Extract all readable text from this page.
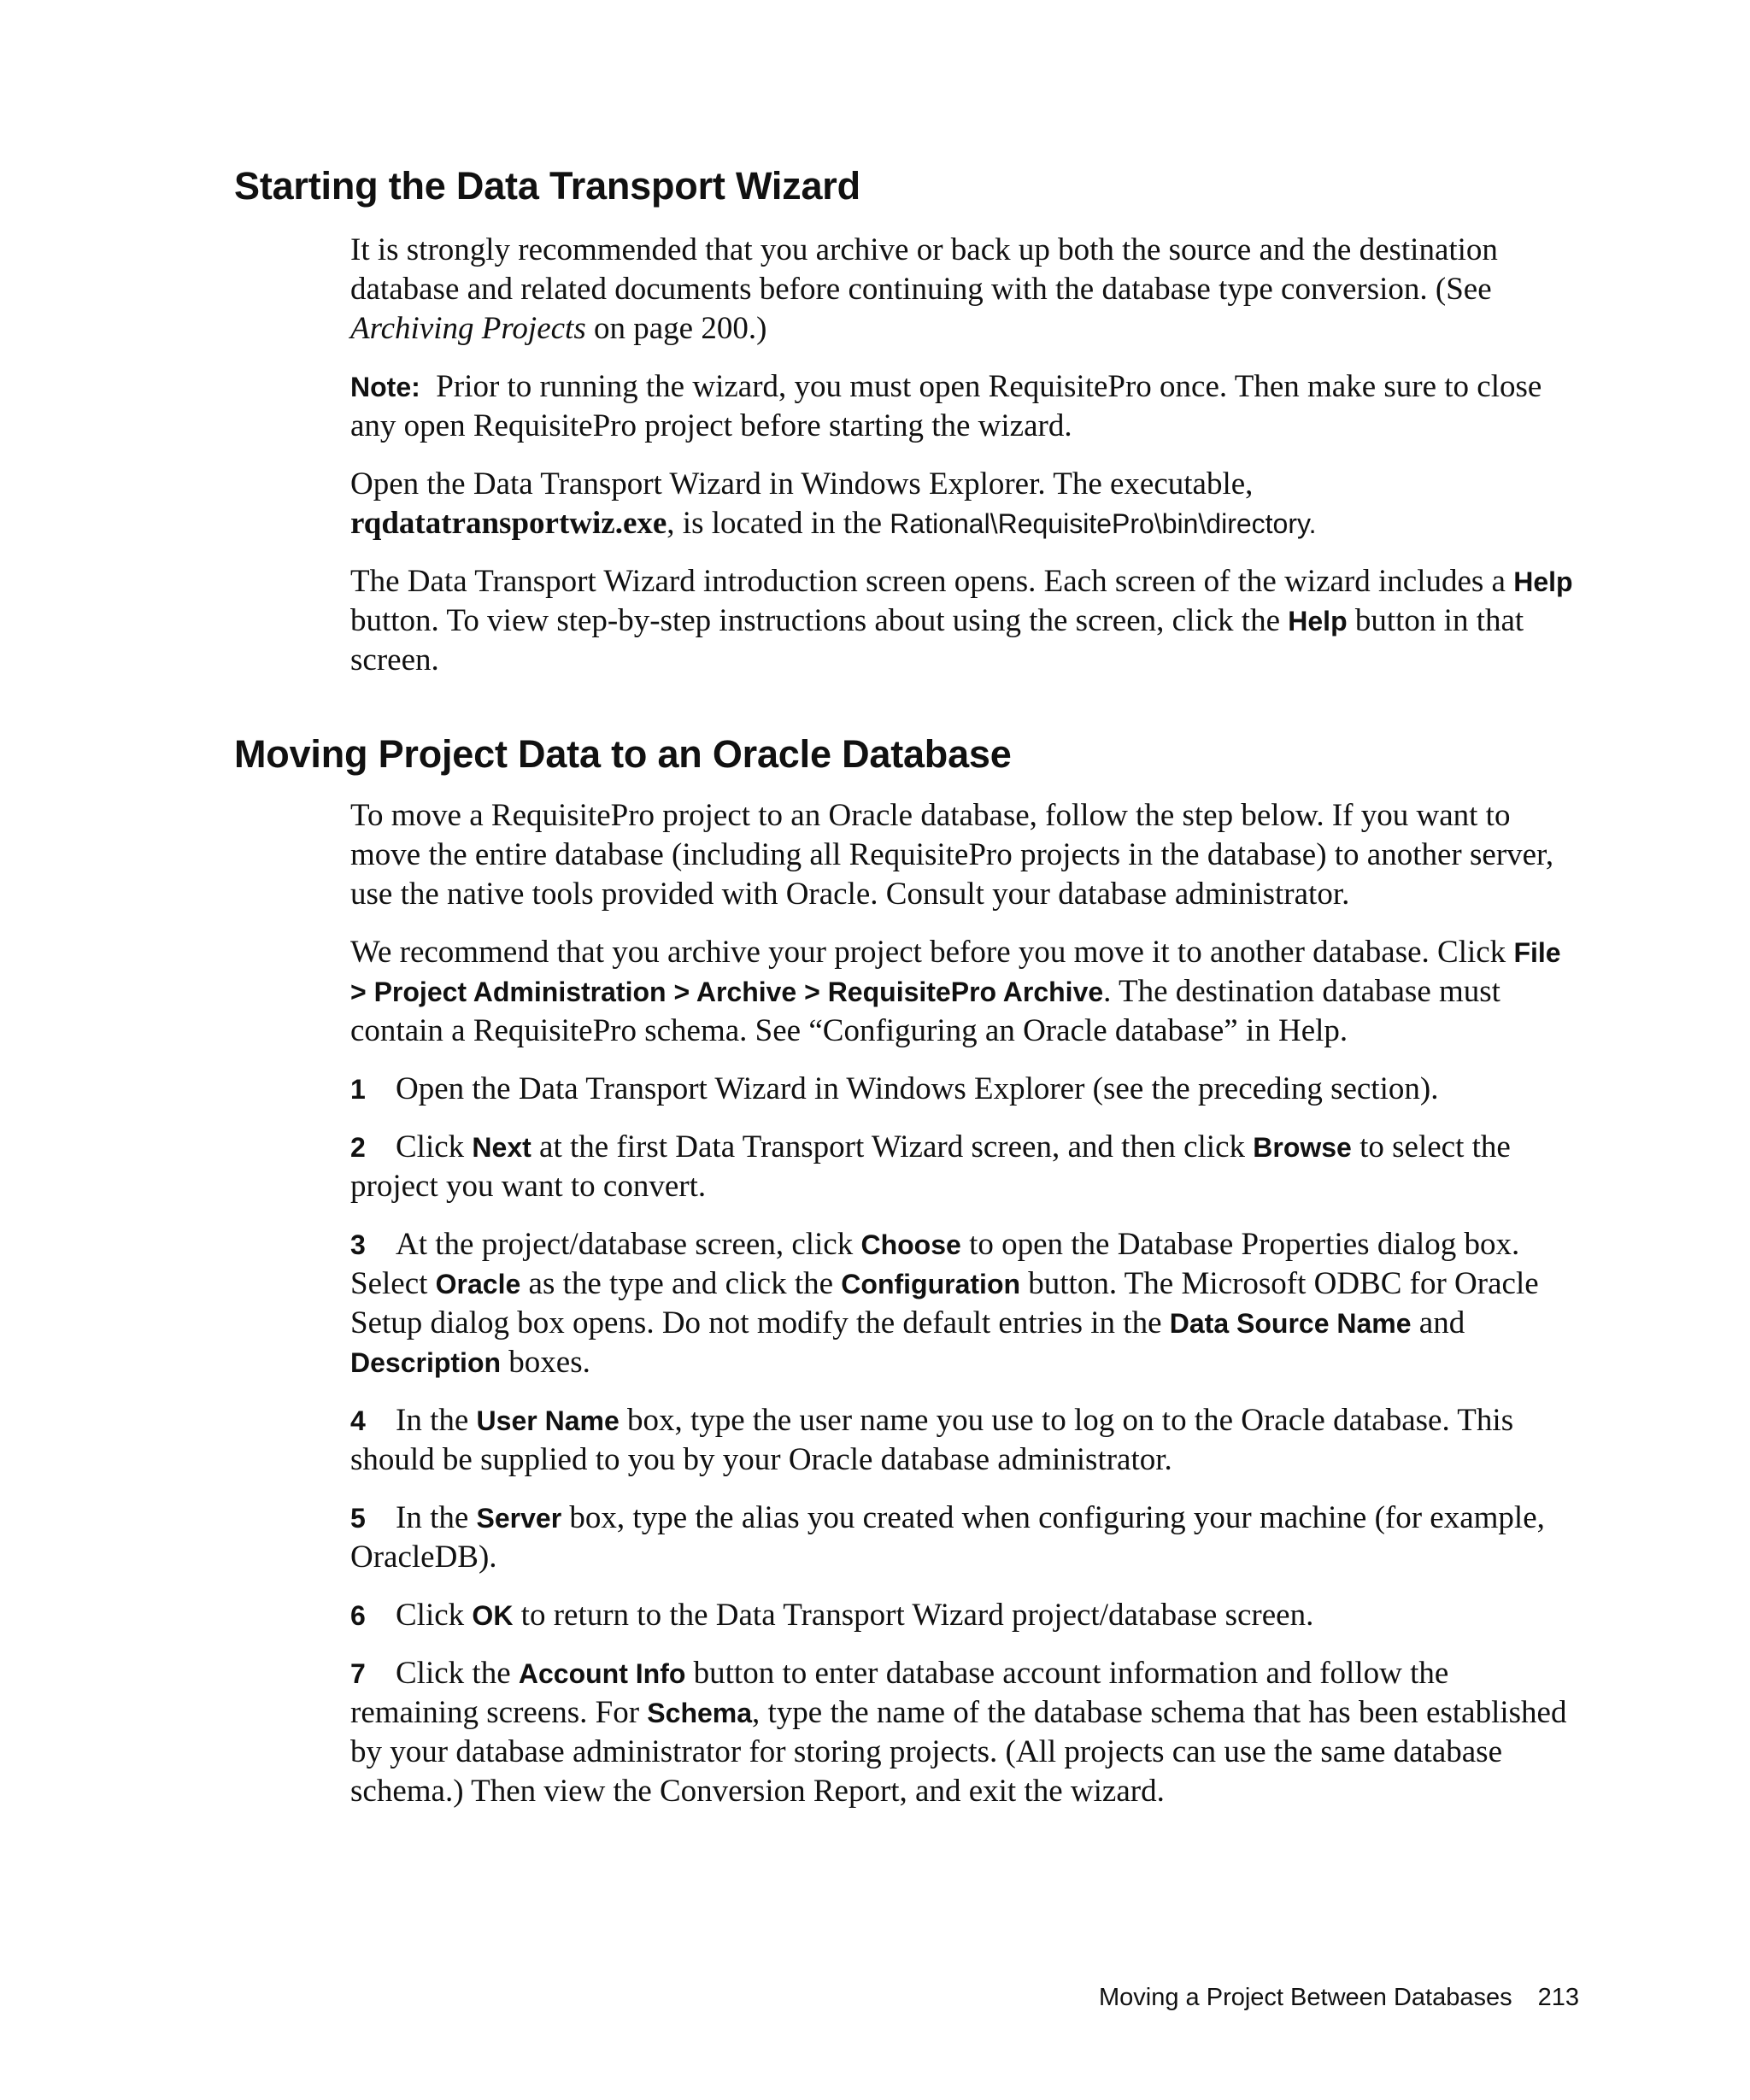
Starting the Data Transport Wizard

It is strongly recommended that you archive or back up both the source and the destination database and related documents before continuing with the database type conversion. (See Archiving Projects on page 200.)

Note: Prior to running the wizard, you must open RequisitePro once. Then make sure to close any open RequisitePro project before starting the wizard.

Open the Data Transport Wizard in Windows Explorer. The executable, rqdatatransportwiz.exe, is located in the Rational\RequisitePro\bin\directory.

The Data Transport Wizard introduction screen opens. Each screen of the wizard includes a Help button. To view step-by-step instructions about using the screen, click the Help button in that screen.

Moving Project Data to an Oracle Database

To move a RequisitePro project to an Oracle database, follow the step below. If you want to move the entire database (including all RequisitePro projects in the database) to another server, use the native tools provided with Oracle. Consult your database administrator.

We recommend that you archive your project before you move it to another database. Click File > Project Administration > Archive > RequisitePro Archive. The destination database must contain a RequisitePro schema. See “Configuring an Oracle database” in Help.

1 Open the Data Transport Wizard in Windows Explorer (see the preceding section).

2 Click Next at the first Data Transport Wizard screen, and then click Browse to select the project you want to convert.

3 At the project/database screen, click Choose to open the Database Properties dialog box. Select Oracle as the type and click the Configuration button. The Microsoft ODBC for Oracle Setup dialog box opens. Do not modify the default entries in the Data Source Name and Description boxes.

4 In the User Name box, type the user name you use to log on to the Oracle database. This should be supplied to you by your Oracle database administrator.

5 In the Server box, type the alias you created when configuring your machine (for example, OracleDB).

6 Click OK to return to the Data Transport Wizard project/database screen.

7 Click the Account Info button to enter database account information and follow the remaining screens. For Schema, type the name of the database schema that has been established by your database administrator for storing projects. (All projects can use the same database schema.) Then view the Conversion Report, and exit the wizard.

Moving a Project Between Databases 213
